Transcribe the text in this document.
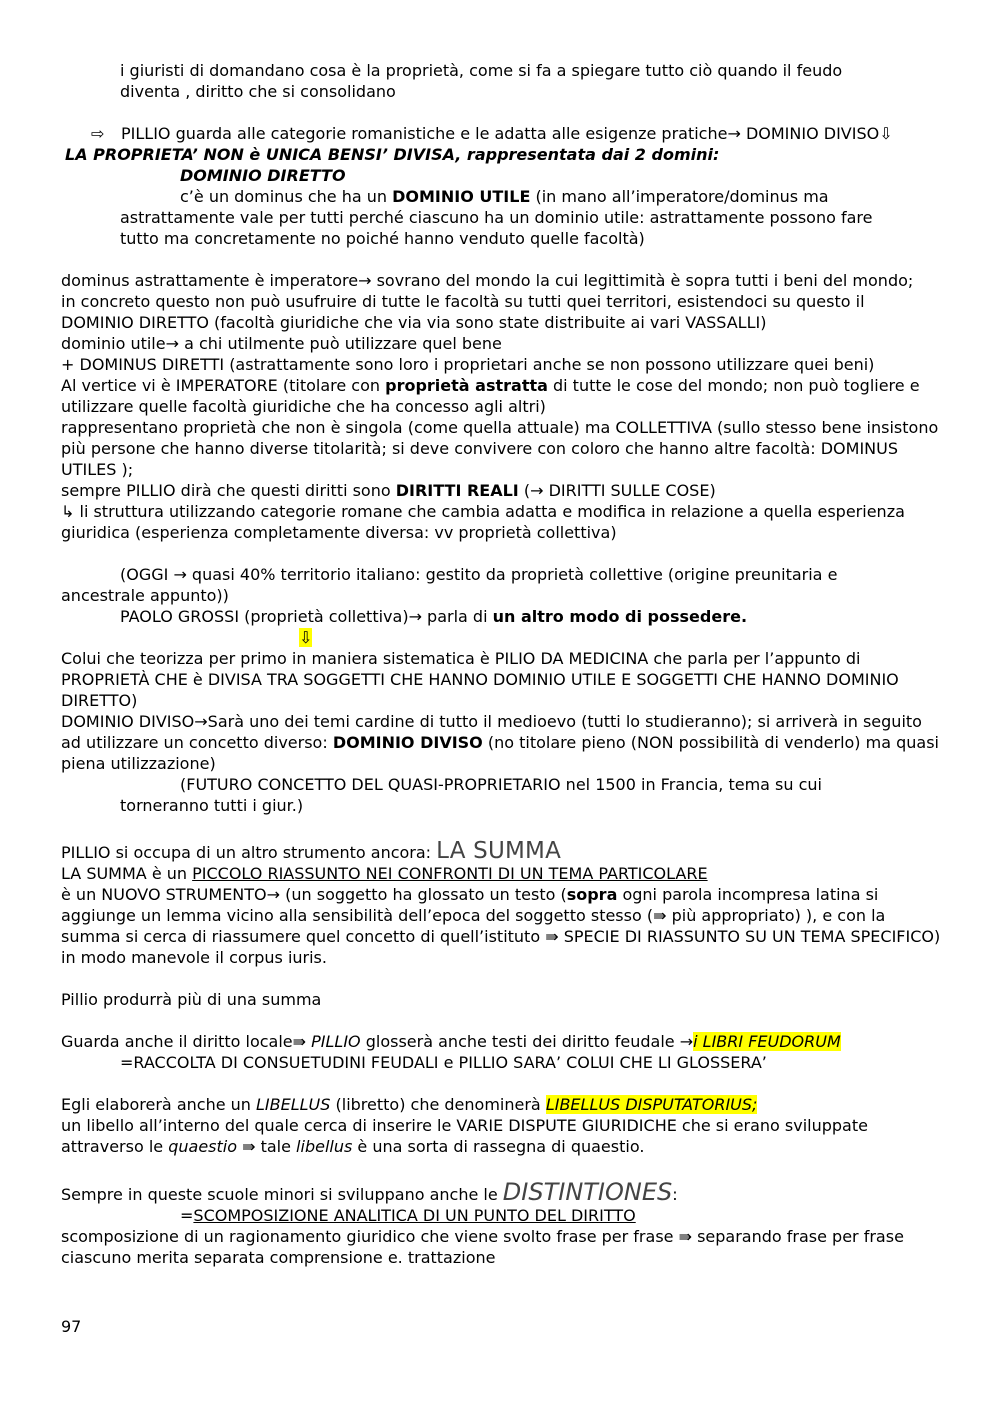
i giuristi di domandano cosa è la proprietà, come si fa a spiegare tutto ciò quando il feudo

diventa , diritto che si consolidano

⇨	PILLIO guarda alle categorie romanistiche e le adatta alle esigenze pratiche→ DOMINIO DIVISO⇩

LA PROPRIETA’ NON è UNICA BENSI’ DIVISA, rappresentata dai 2 domini:

DOMINIO DIRETTO

c’è un dominus che ha un DOMINIO UTILE (in mano all’imperatore/dominus ma

astrattamente vale per tutti perché ciascuno ha un dominio utile: astrattamente possono fare

tutto ma concretamente no poiché hanno venduto quelle facoltà)

dominus astrattamente è imperatore→ sovrano del mondo la cui legittimità è sopra tutti i beni del mondo;

in concreto questo non può usufruire di tutte le facoltà su tutti quei territori, esistendoci su questo il DOMINIO DIRETTO (facoltà giuridiche che via via sono state distribuite ai vari VASSALLI)

dominio utile→ a chi utilmente può utilizzare quel bene

+ DOMINUS DIRETTI (astrattamente sono loro i proprietari anche se non possono utilizzare quei beni)

Al vertice vi è IMPERATORE (titolare con proprietà astratta di tutte le cose del mondo; non può togliere e utilizzare quelle facoltà giuridiche che ha concesso agli altri)

rappresentano proprietà che non è singola (come quella attuale) ma COLLETTIVA (sullo stesso bene insistono più persone che hanno diverse titolarità; si deve convivere con coloro che hanno altre facoltà: DOMINUS UTILES );

sempre PILLIO dirà che questi diritti sono DIRITTI REALI (→ DIRITTI SULLE COSE)

↳ li struttura utilizzando categorie romane che cambia adatta e modifica in relazione a quella esperienza giuridica (esperienza completamente diversa: vv proprietà collettiva)

(OGGI → quasi 40% territorio italiano: gestito da proprietà collettive (origine preunitaria e

ancestrale appunto))

PAOLO GROSSI (proprietà collettiva)→ parla di un altro modo di possedere.

⇩

Colui che teorizza per primo in maniera sistematica è PILIO DA MEDICINA che parla per l’appunto di PROPRIETÀ CHE è DIVISA TRA SOGGETTI CHE HANNO DOMINIO UTILE E SOGGETTI CHE HANNO DOMINIO DIRETTO)

DOMINIO DIVISO→Sarà uno dei temi cardine di tutto il medioevo (tutti lo studieranno); si arriverà in seguito ad utilizzare un concetto diverso: DOMINIO DIVISO (no titolare pieno (NON possibilità di venderlo) ma quasi piena utilizzazione)

(FUTURO CONCETTO DEL QUASI-PROPRIETARIO nel 1500 in Francia, tema su cui

torneranno tutti i giur.)

PILLIO si occupa di un altro strumento ancora: LA SUMMA

LA SUMMA è un PICCOLO RIASSUNTO NEI CONFRONTI DI UN TEMA PARTICOLARE

è un NUOVO STRUMENTO→ (un soggetto ha glossato un testo (sopra ogni parola incompresa latina si aggiunge un lemma vicino alla sensibilità dell’epoca del soggetto stesso (⇛ più appropriato) ), e con la summa si cerca di riassumere quel concetto di quell’istituto ⇛ SPECIE DI RIASSUNTO SU UN TEMA SPECIFICO) in modo manevole il corpus iuris.

Pillio produrrà più di una summa

Guarda anche il diritto locale⇛ PILLIO glosserà anche testi dei diritto feudale →i LIBRI FEUDORUM

=RACCOLTA DI CONSUETUDINI FEUDALI e PILLIO SARA’ COLUI CHE LI GLOSSERA’

Egli elaborerà anche un LIBELLUS (libretto) che denominerà LIBELLUS DISPUTATORIUS;

un libello all’interno del quale cerca di inserire le VARIE DISPUTE GIURIDICHE che si erano sviluppate attraverso le quaestio ⇛ tale libellus è una sorta di rassegna di quaestio.

Sempre in queste scuole minori si sviluppano anche le DISTINTIONES:

=SCOMPOSIZIONE ANALITICA DI UN PUNTO DEL DIRITTO

scomposizione di un ragionamento giuridico che viene svolto frase per frase ⇛ separando frase per frase ciascuno merita separata comprensione e. trattazione

97
